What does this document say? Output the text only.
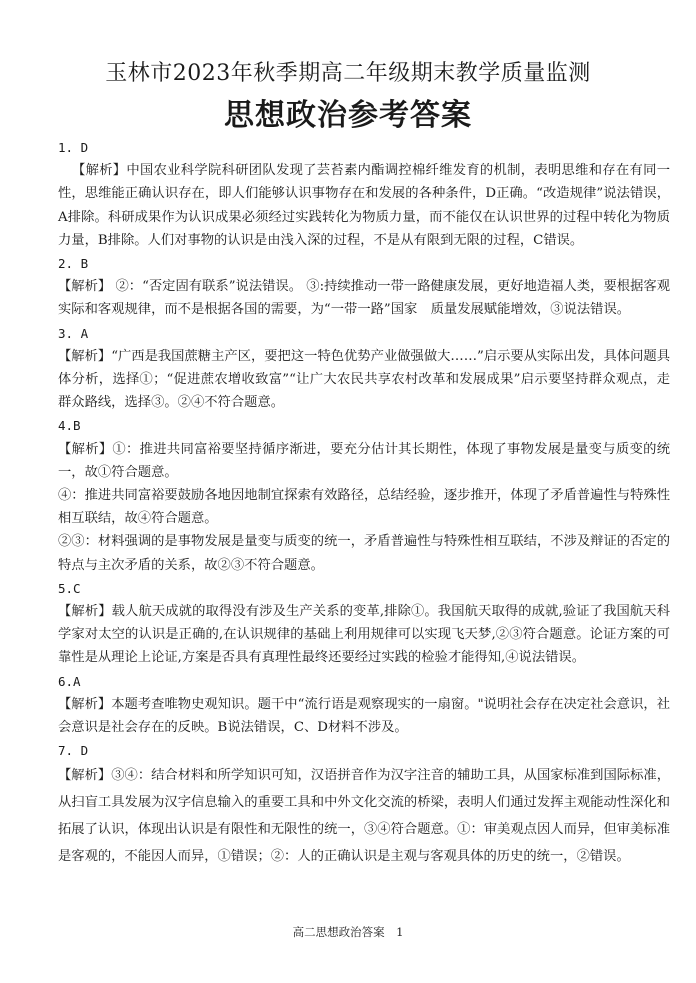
玉林市2023年秋季期高二年级期末教学质量监测
思想政治参考答案

1. D

【解析】中国农业科学院科研团队发现了芸苔素内酯调控棉纤维发育的机制，表明思维和存在有同一性，思维能正确认识存在，即人们能够认识事物存在和发展的各种条件，D正确。“改造规律”说法错误，A排除。科研成果作为认识成果必须经过实践转化为物质力量，而不能仅在认识世界的过程中转化为物质力量，B排除。人们对事物的认识是由浅入深的过程，不是从有限到无限的过程，C错误。

2. B

【解析】 ②：“否定固有联系”说法错误。 ③:持续推动一带一路健康发展，更好地造福人类，要根据客观实际和客观规律，而不是根据各国的需要，为“一带一路”国家　质量发展赋能增效，③说法错误。

3. A

【解析】“广西是我国蔗糖主产区，要把这一特色优势产业做强做大……”启示要从实际出发，具体问题具体分析，选择①；“促进蔗农增收致富”“让广大农民共享农村改革和发展成果”启示要坚持群众观点，走群众路线，选择③。②④不符合题意。

4.B

【解析】①：推进共同富裕要坚持循序渐进，要充分估计其长期性，体现了事物发展是量变与质变的统一，故①符合题意。

④：推进共同富裕要鼓励各地因地制宜探索有效路径，总结经验，逐步推开，体现了矛盾普遍性与特殊性相互联结，故④符合题意。

②③：材料强调的是事物发展是量变与质变的统一，矛盾普遍性与特殊性相互联结，不涉及辩证的否定的特点与主次矛盾的关系，故②③不符合题意。

5.C

【解析】载人航天成就的取得没有涉及生产关系的变革,排除①。我国航天取得的成就,验证了我国航天科学家对太空的认识是正确的,在认识规律的基础上利用规律可以实现飞天梦,②③符合题意。论证方案的可靠性是从理论上论证,方案是否具有真理性最终还要经过实践的检验才能得知,④说法错误。

6.A

【解析】本题考查唯物史观知识。题干中“流行语是观察现实的一扇窗。"说明社会存在决定社会意识，社会意识是社会存在的反映。B说法错误，C、D材料不涉及。

7. D

【解析】③④：结合材料和所学知识可知，汉语拼音作为汉字注音的辅助工具，从国家标准到国际标准，从扫盲工具发展为汉字信息输入的重要工具和中外文化交流的桥梁，表明人们通过发挥主观能动性深化和拓展了认识，体现出认识是有限性和无限性的统一，③④符合题意。①：审美观点因人而异，但审美标准是客观的，不能因人而异，①错误；②：人的正确认识是主观与客观具体的历史的统一，②错误。

高二思想政治答案　1
